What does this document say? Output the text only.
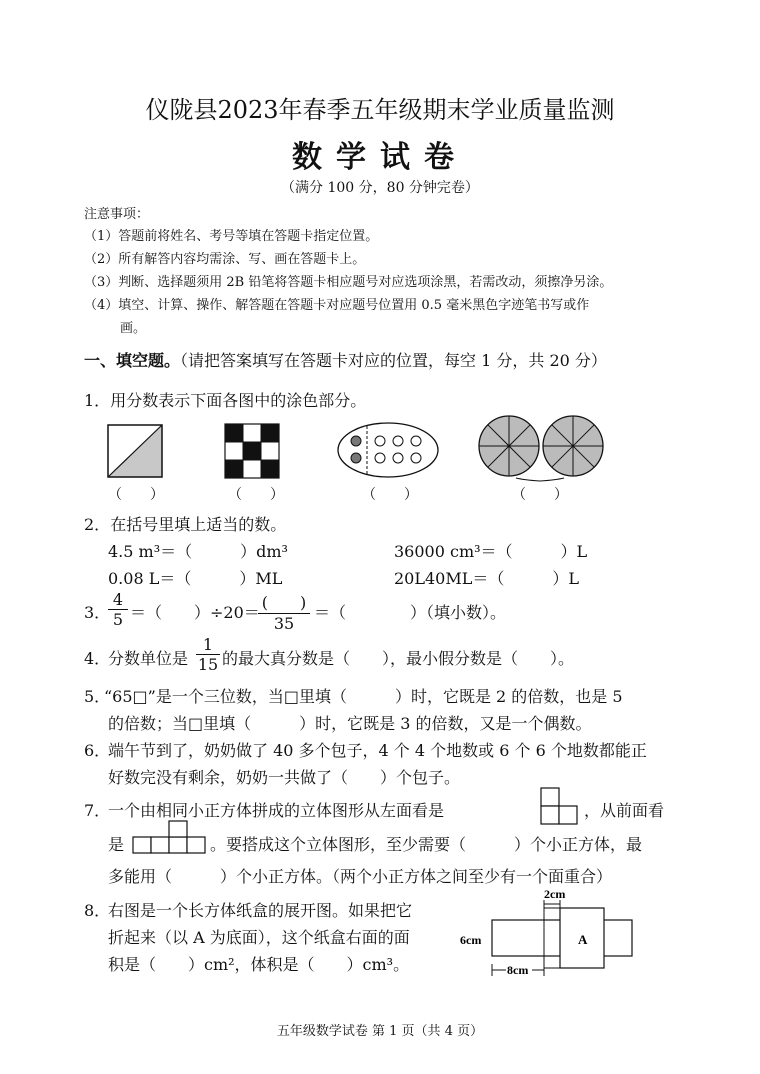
仪陇县2023年春季五年级期末学业质量监测
数学试卷
（满分 100 分，80 分钟完卷）
注意事项：
（1）答题前将姓名、考号等填在答题卡指定位置。
（2）所有解答内容均需涂、写、画在答题卡上。
（3）判断、选择题须用 2B 铅笔将答题卡相应题号对应选项涂黑，若需改动，须擦净另涂。
（4）填空、计算、操作、解答题在答题卡对应题号位置用 0.5 毫米黑色字迹笔书写或作
画。
一、填空题。（请把答案填写在答题卡对应的位置，每空 1 分，共 20 分）
1．用分数表示下面各图中的涂色部分。
（　　）	（　　）	（　　）	（　　）
2．在括号里填上适当的数。
4.5 m³＝（　　　）dm³	36000 cm³＝（　　　）L
0.08 L＝（　　　）ML	20L40ML＝（　　　）L
3．
$\frac{4}{5}$ ＝（　　）÷20＝
(　　)
35
＝（　　　　）（填小数）。
4．
分数单位是 $\frac{1}{15}$ 的最大真分数是（　　），最小假分数是（　　）。
5．
“65□”是一个三位数，当□里填（　　　）时，它既是 2 的倍数，也是 5
的倍数；当□里填（　　　）时，它既是 3 的倍数，又是一个偶数。
6．
端午节到了，奶奶做了 40 多个包子，4 个 4 个地数或 6 个 6 个地数都能正
好数完没有剩余，奶奶一共做了（　　）个包子。
7．
一个由相同小正方体拼成的立体图形从左面看是	，从前面看
是	。要搭成这个立体图形，至少需要（　　　）个小正方体，最
多能用（　　　）个小正方体。（两个小正方体之间至少有一个面重合）
8．
右图是一个长方体纸盒的展开图。如果把它
折起来（以 A 为底面），这个纸盒右面的面
积是（　　）cm²，体积是（　　）cm³。
2cm
A
6cm
8cm
五年级数学试卷 第 1 页（共 4 页）
